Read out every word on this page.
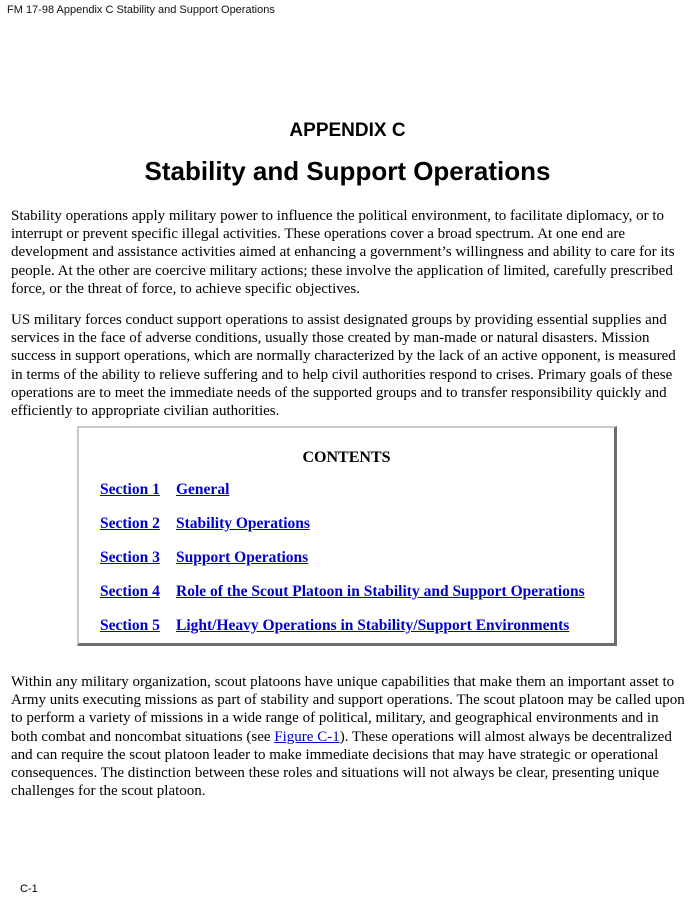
FM 17-98 Appendix C Stability and Support Operations
APPENDIX C
Stability and Support Operations

Stability operations apply military power to influence the political environment, to facilitate diplomacy, or to interrupt or prevent specific illegal activities. These operations cover a broad spectrum. At one end are development and assistance activities aimed at enhancing a government’s willingness and ability to care for its people. At the other are coercive military actions; these involve the application of limited, carefully prescribed force, or the threat of force, to achieve specific objectives.

US military forces conduct support operations to assist designated groups by providing essential supplies and services in the face of adverse conditions, usually those created by man-made or natural disasters. Mission success in support operations, which are normally characterized by the lack of an active opponent, is measured in terms of the ability to relieve suffering and to help civil authorities respond to crises. Primary goals of these operations are to meet the immediate needs of the supported groups and to transfer responsibility quickly and efficiently to appropriate civilian authorities.

CONTENTS
Section 1 General
Section 2 Stability Operations
Section 3 Support Operations
Section 4 Role of the Scout Platoon in Stability and Support Operations
Section 5 Light/Heavy Operations in Stability/Support Environments

Within any military organization, scout platoons have unique capabilities that make them an important asset to Army units executing missions as part of stability and support operations. The scout platoon may be called upon to perform a variety of missions in a wide range of political, military, and geographical environments and in both combat and noncombat situations (see Figure C-1). These operations will almost always be decentralized and can require the scout platoon leader to make immediate decisions that may have strategic or operational consequences. The distinction between these roles and situations will not always be clear, presenting unique challenges for the scout platoon.

C-1
